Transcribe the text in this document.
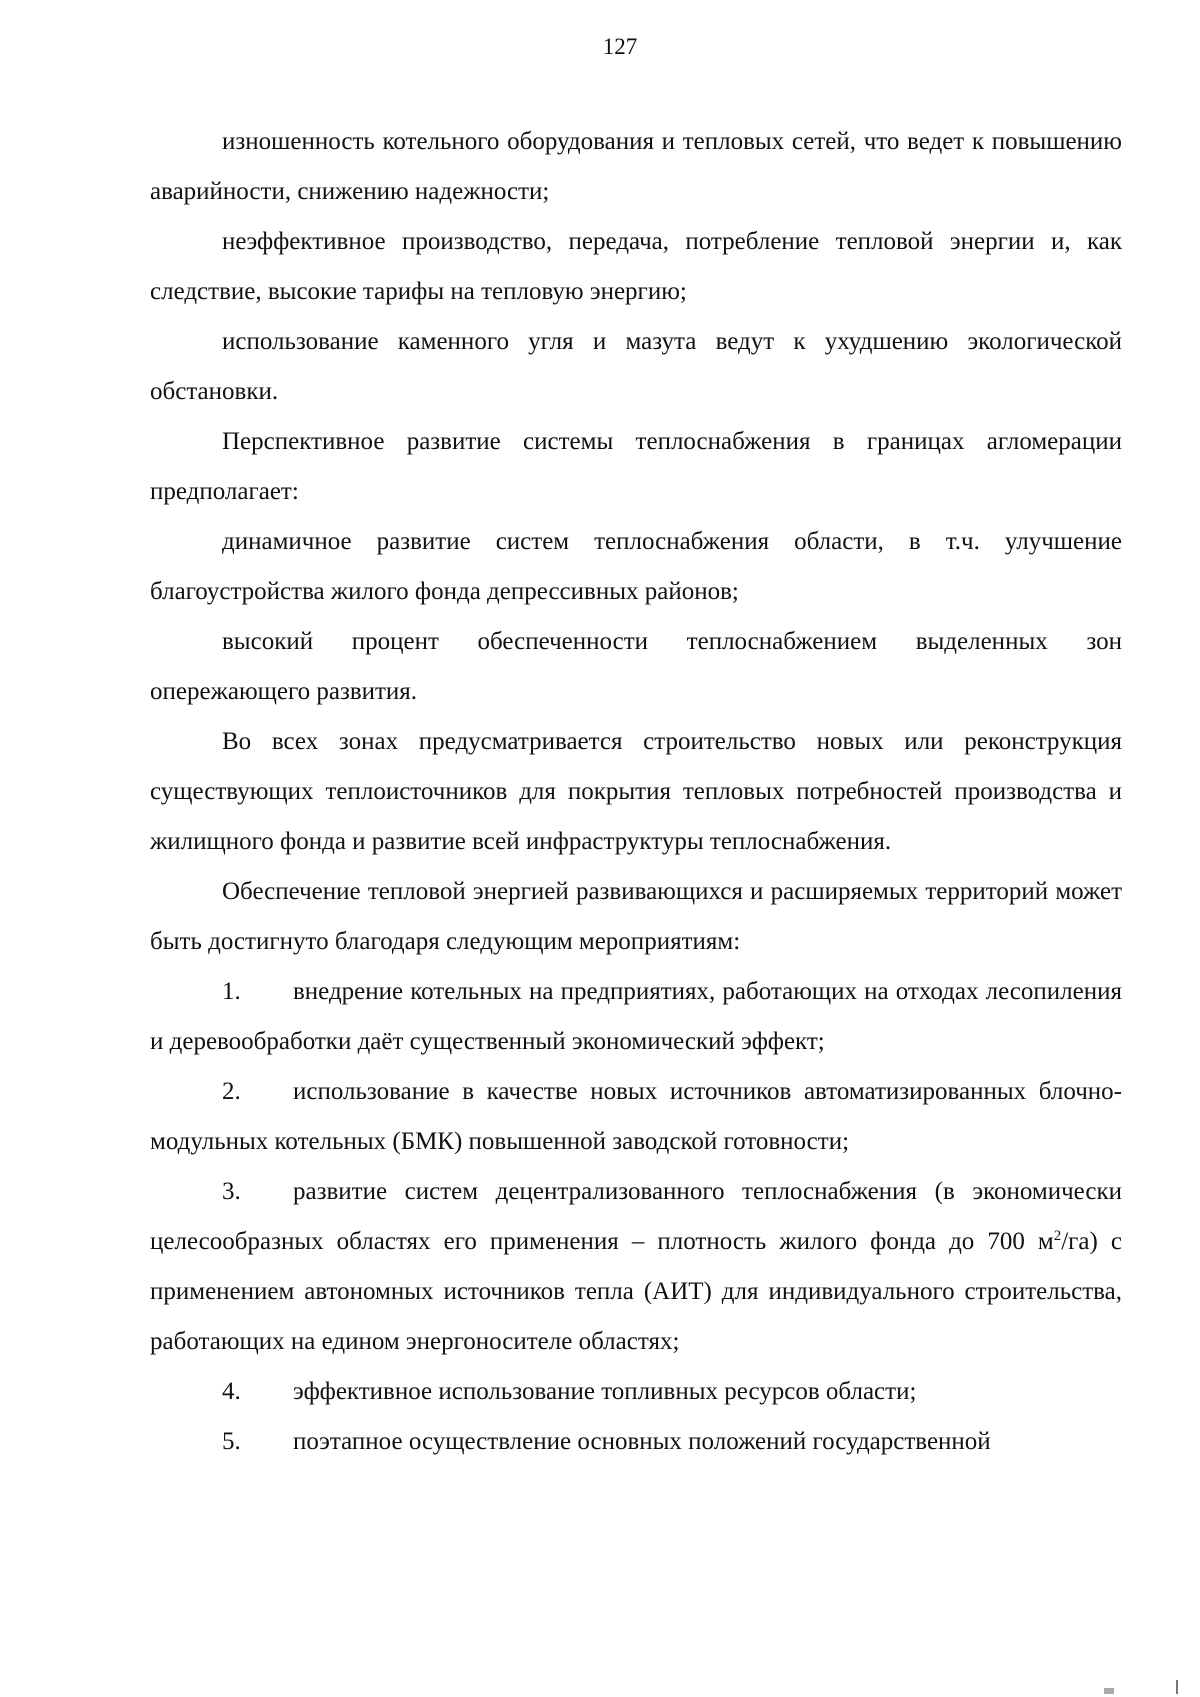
127

изношенность котельного оборудования и тепловых сетей, что ведет к повышению аварийности, снижению надежности;

неэффективное производство, передача, потребление тепловой энергии и, как следствие, высокие тарифы на тепловую энергию;

использование каменного угля и мазута ведут к ухудшению экологической обстановки.

Перспективное развитие системы теплоснабжения в границах агломерации предполагает:

динамичное развитие систем теплоснабжения области, в т.ч. улучшение благоустройства жилого фонда депрессивных районов;

высокий процент обеспеченности теплоснабжением выделенных зон опережающего развития.

Во всех зонах предусматривается строительство новых или реконструкция существующих теплоисточников для покрытия тепловых потребностей производства и жилищного фонда и развитие всей инфраструктуры теплоснабжения.

Обеспечение тепловой энергией развивающихся и расширяемых территорий может быть достигнуто благодаря следующим мероприятиям:

1. внедрение котельных на предприятиях, работающих на отходах лесопиления и деревообработки даёт существенный экономический эффект;

2. использование в качестве новых источников автоматизированных блочно-модульных котельных (БМК) повышенной заводской готовности;

3. развитие систем децентрализованного теплоснабжения (в экономически целесообразных областях его применения – плотность жилого фонда до 700 $м^2/га$) с применением автономных источников тепла (АИТ) для индивидуального строительства, работающих на едином энергоносителе областях;

4. эффективное использование топливных ресурсов области;

5. поэтапное осуществление основных положений государственной
